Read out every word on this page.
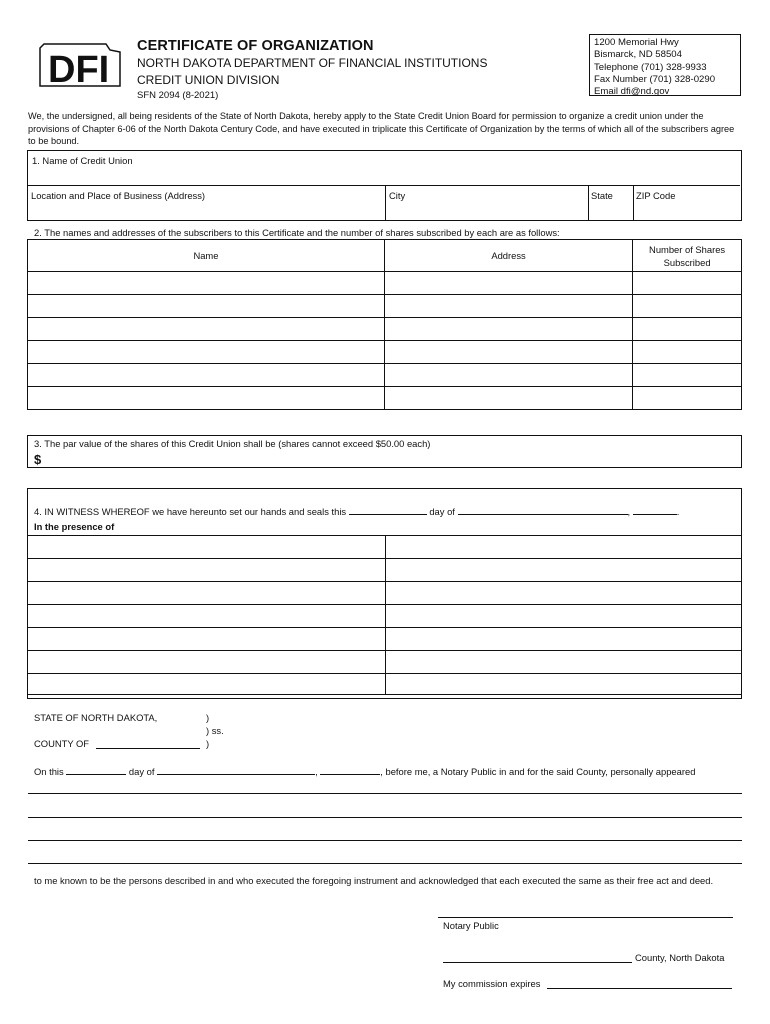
DFI
CERTIFICATE OF ORGANIZATION
NORTH DAKOTA DEPARTMENT OF FINANCIAL INSTITUTIONS
CREDIT UNION DIVISION
SFN 2094 (8-2021)
1200 Memorial Hwy
Bismarck, ND 58504
Telephone (701) 328-9933
Fax Number (701) 328-0290
Email dfi@nd.gov
We, the undersigned, all being residents of the State of North Dakota, hereby apply to the State Credit Union Board for permission to organize a credit union under the provisions of Chapter 6-06 of the North Dakota Century Code, and have executed in triplicate this Certificate of Organization by the terms of which all of the subscribers agree to be bound.
1. Name of Credit Union
Location and Place of Business (Address)	City	State ZIP Code
2. The names and addresses of the subscribers to this Certificate and the number of shares subscribed by each are as follows:
Name	Address	Number of Shares
Subscribed

3. The par value of the shares of this Credit Union shall be (shares cannot exceed $50.00 each)
$
4. IN WITNESS WHEREOF we have hereunto set our hands and seals this	day of	,	.
In the presence of

STATE OF NORTH DAKOTA,	)
) ss.
)
COUNTY OF
On this	day of	,	, before me, a Notary Public in and for the said County, personally appeared
to me known to be the persons described in and who executed the foregoing instrument and acknowledged that each executed the same as their free act and deed.
Notary Public
County, North Dakota
My commission expires
